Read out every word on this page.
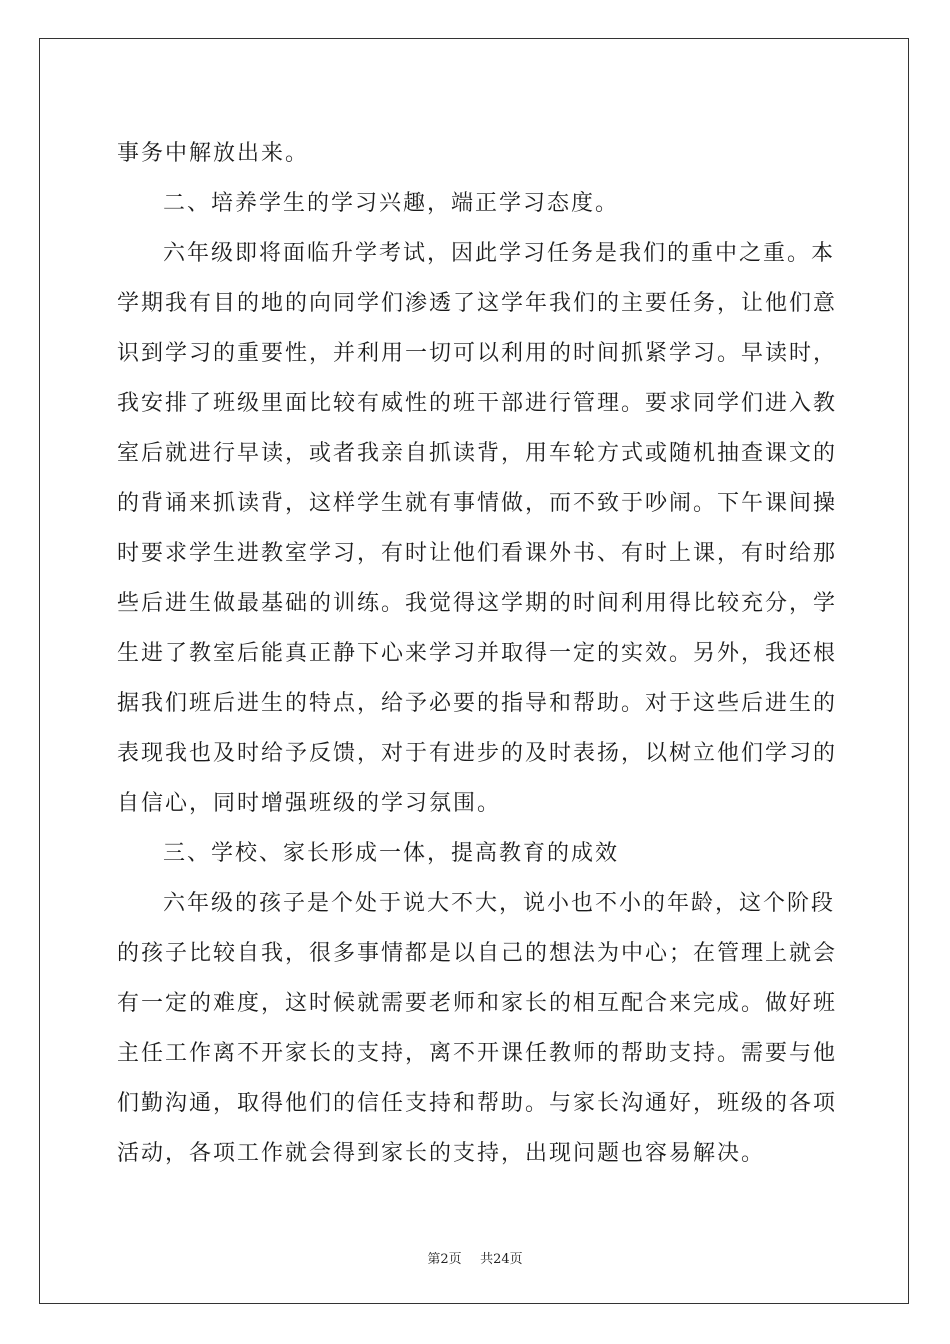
事务中解放出来。
二、培养学生的学习兴趣，端正学习态度。
六年级即将面临升学考试，因此学习任务是我们的重中之重。本
学期我有目的地的向同学们渗透了这学年我们的主要任务，让他们意
识到学习的重要性，并利用一切可以利用的时间抓紧学习。早读时，
我安排了班级里面比较有威性的班干部进行管理。要求同学们进入教
室后就进行早读，或者我亲自抓读背，用车轮方式或随机抽查课文的
的背诵来抓读背，这样学生就有事情做，而不致于吵闹。下午课间操
时要求学生进教室学习，有时让他们看课外书、有时上课，有时给那
些后进生做最基础的训练。我觉得这学期的时间利用得比较充分，学
生进了教室后能真正静下心来学习并取得一定的实效。另外，我还根
据我们班后进生的特点，给予必要的指导和帮助。对于这些后进生的
表现我也及时给予反馈，对于有进步的及时表扬，以树立他们学习的
自信心，同时增强班级的学习氛围。
三、学校、家长形成一体，提高教育的成效
六年级的孩子是个处于说大不大，说小也不小的年龄，这个阶段
的孩子比较自我，很多事情都是以自己的想法为中心；在管理上就会
有一定的难度，这时候就需要老师和家长的相互配合来完成。做好班
主任工作离不开家长的支持，离不开课任教师的帮助支持。需要与他
们勤沟通，取得他们的信任支持和帮助。与家长沟通好，班级的各项
活动，各项工作就会得到家长的支持，出现问题也容易解决。
第2页 共24页
